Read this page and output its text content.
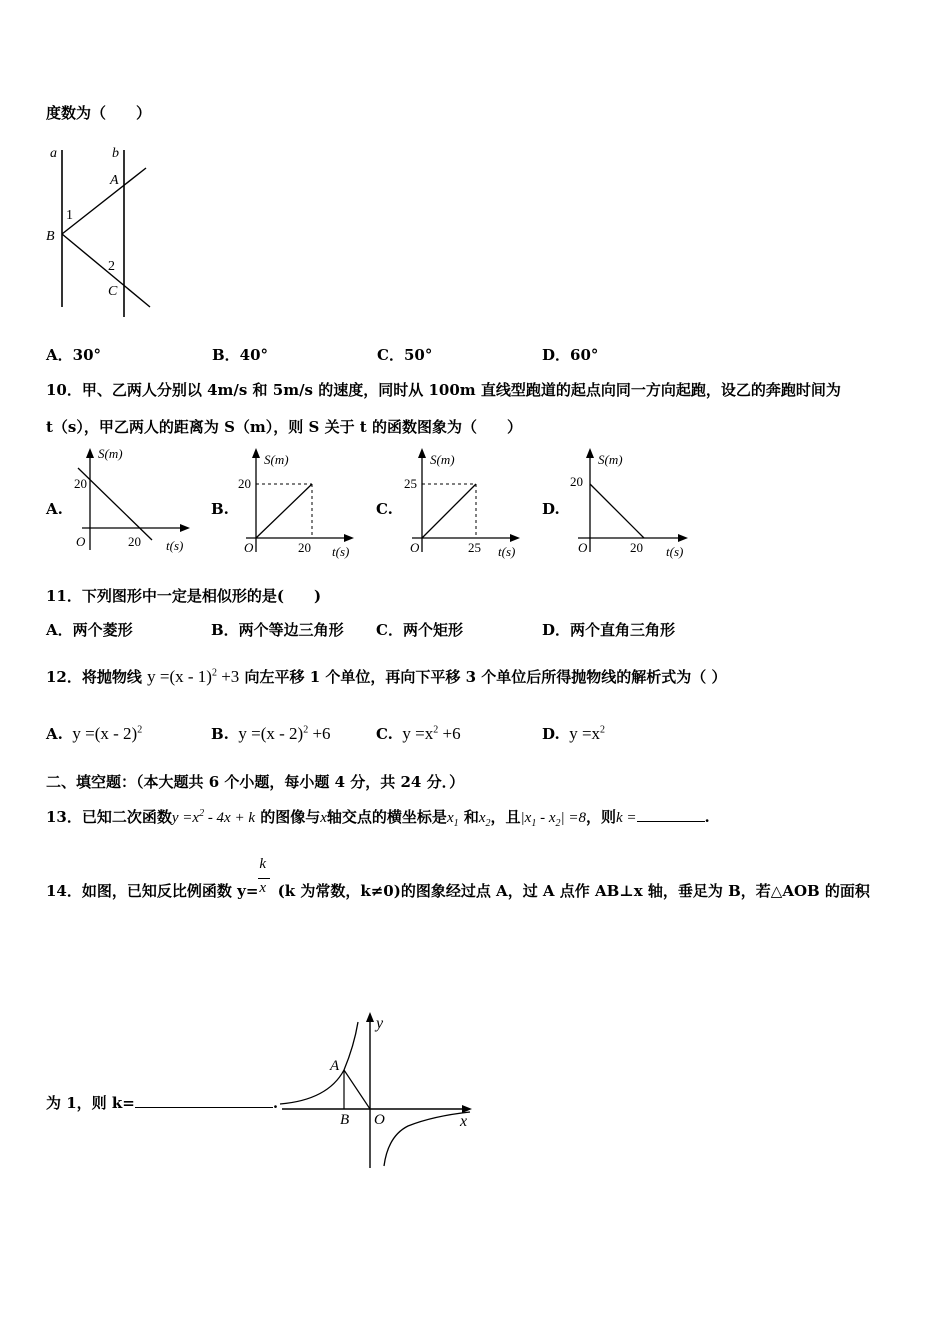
度数为（　　）
a	b
A
1
B
2
C
A．30°	B．40°	C．50°	D．60°
10．甲、乙两人分别以 4m/s 和 5m/s 的速度，同时从 100m 直线型跑道的起点向同一方向起跑，设乙的奔跑时间为
t（s），甲乙两人的距离为 S（m），则 S 关于 t 的函数图象为（　　）
A.	B.	C.	D.
S(m)
20
O	20 t(s)
S(m)
20
O	20 t(s)
S(m)
25
O	25 t(s)
S(m)
20
O	20 t(s)
11．下列图形中一定是相似形的是(　　)
A．两个菱形	B．两个等边三角形 C．两个矩形	D．两个直角三角形
12．将抛物线 y =(x - 1)$^2$ +3 向左平移 1 个单位，再向下平移 3 个单位后所得抛物线的解析式为（ ）
A.  y =(x - 2)$^2$	B.  y =(x - 2)$^2$ +6	C.  $y =x^2 +6$	D.  $y =x^2$
二、填空题：（本大题共 6 个小题，每小题 4 分，共 24 分．）
13．已知二次函数$y =x^2 - 4x + k$ 的图像与x轴交点的横坐标是$x_1$ 和$x_2$，且$|x_1 - x_2| =8$，则k =	.
14．如图，已知反比例函数 $y= \frac{k}{x} (k$ 为常数，k≠0)的图象经过点 A，过 A 点作 AB⊥x 轴，垂足为 B，若△AOB 的面积
为 1，则 k=	.
y
A
B O	x
